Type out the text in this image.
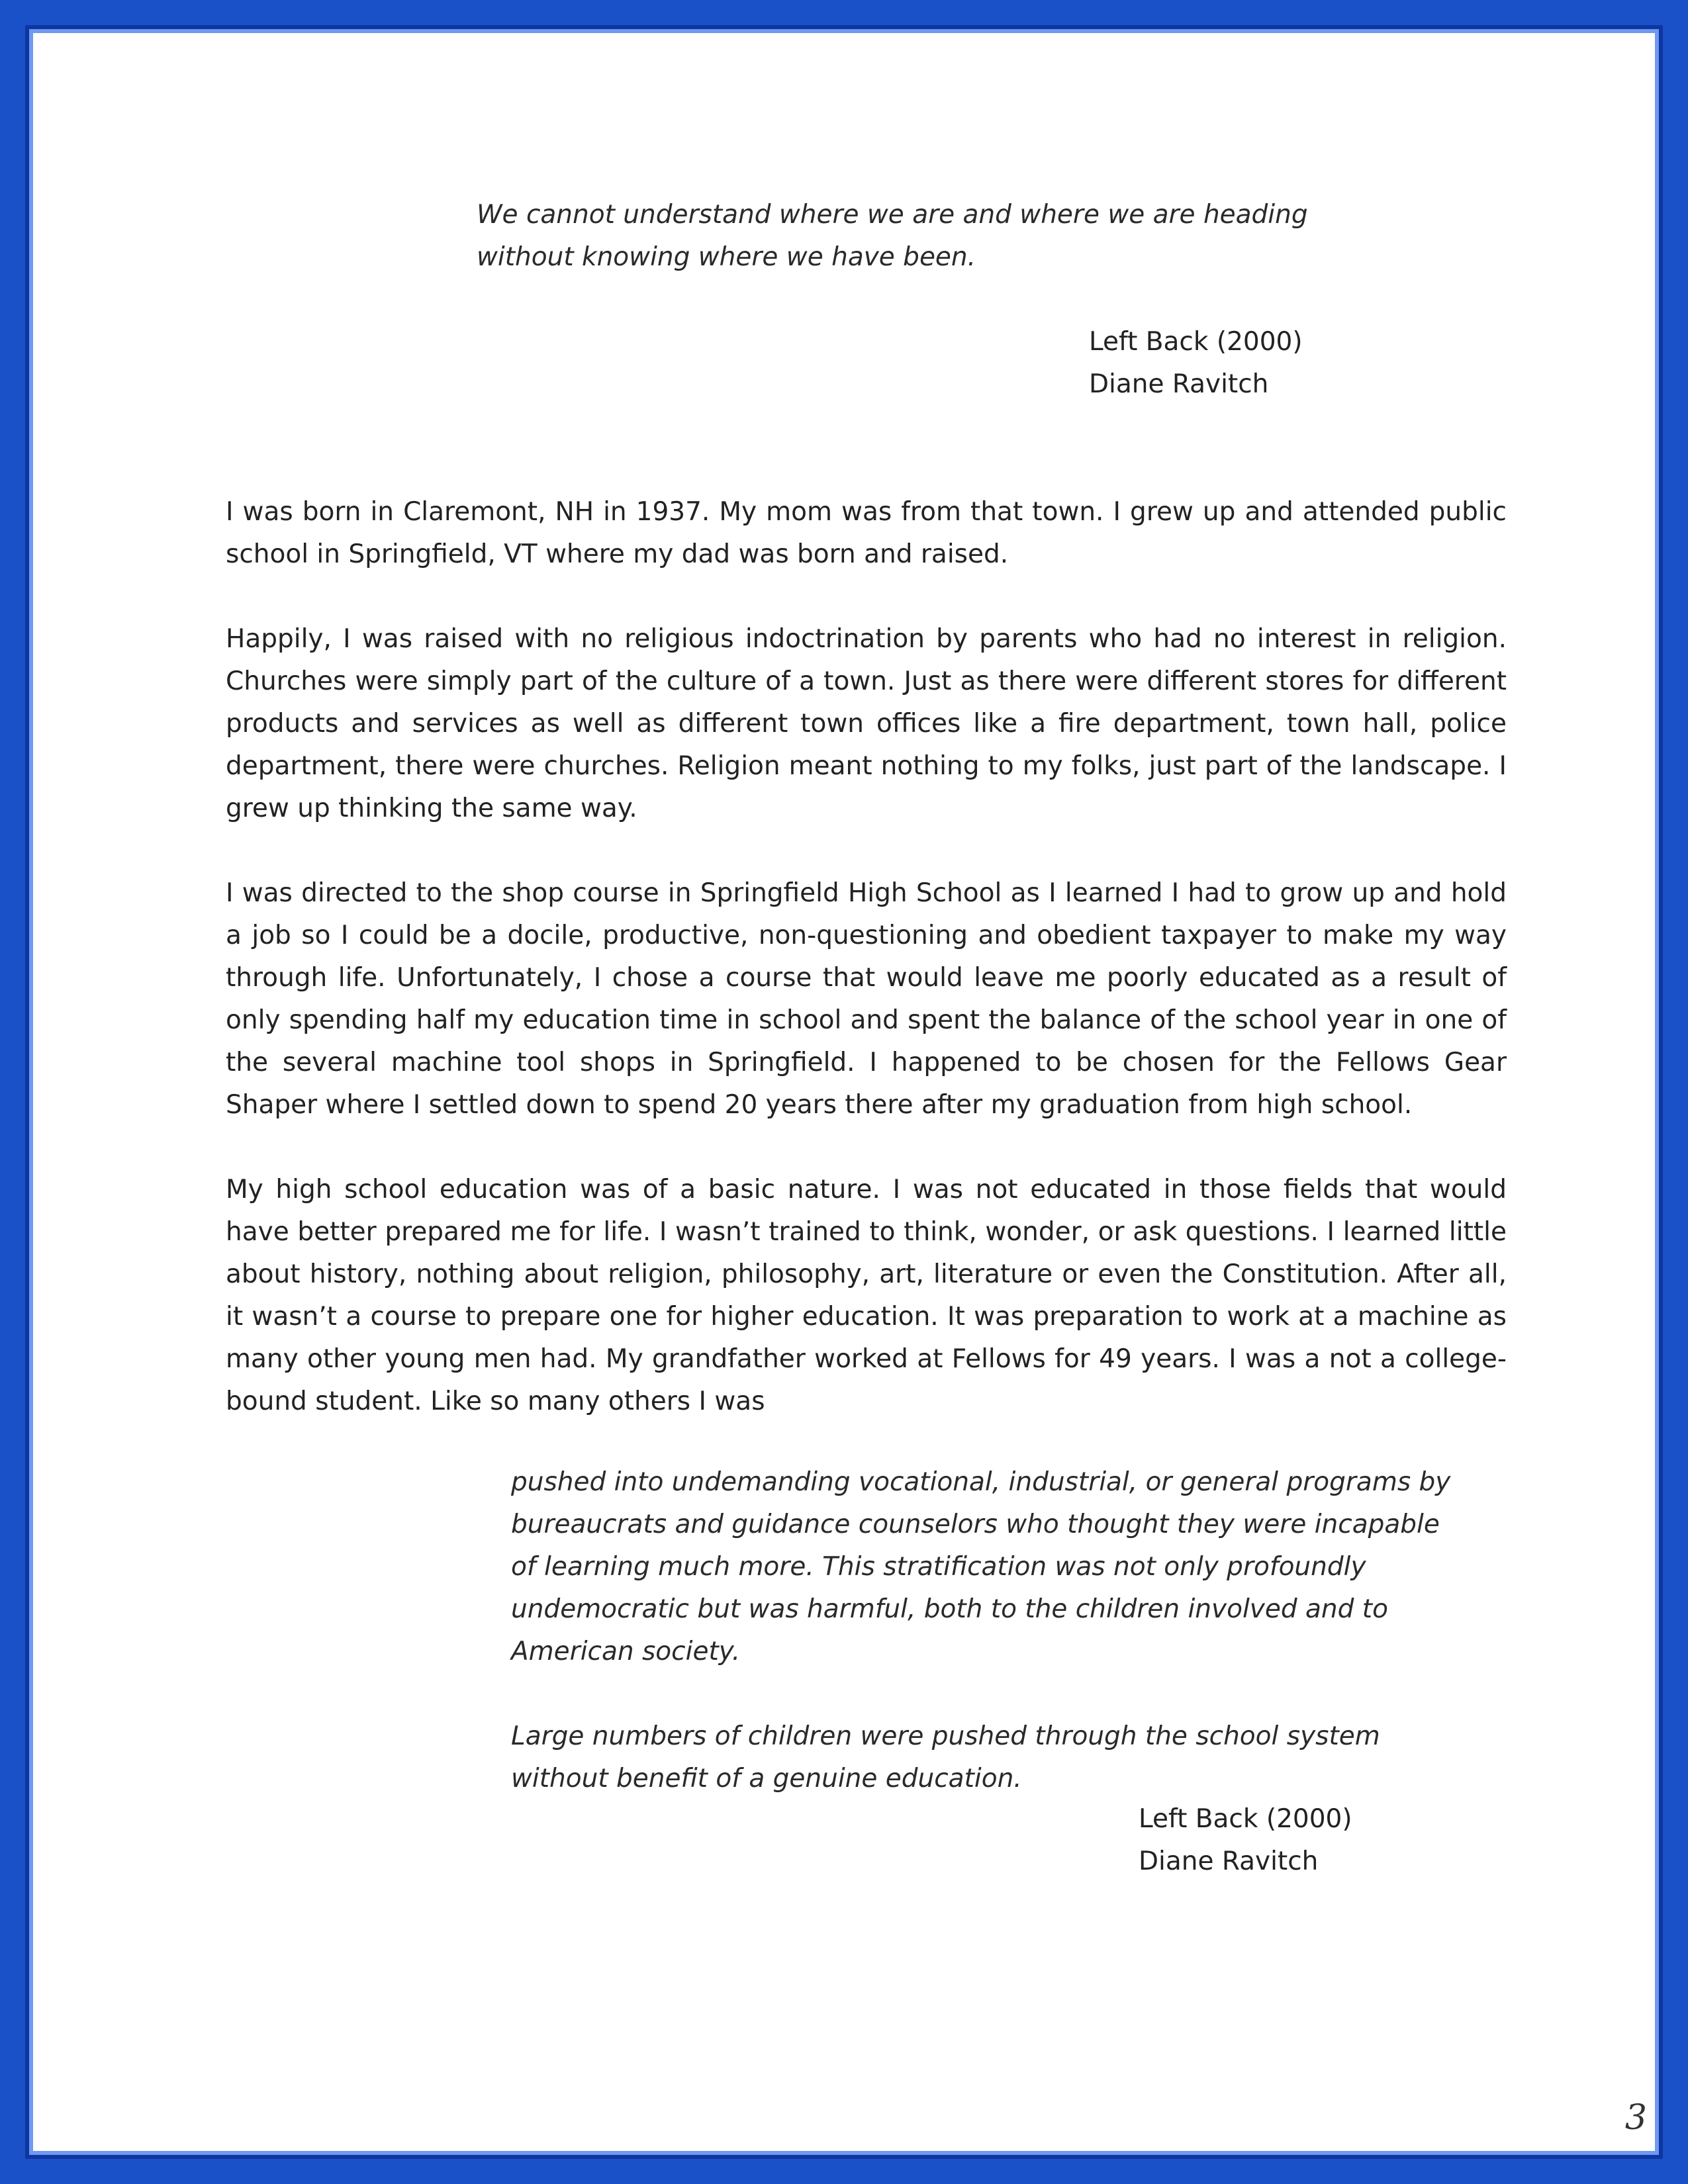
We cannot understand where we are and where we are heading without knowing where we have been.

Left Back (2000)
Diane Ravitch

I was born in Claremont, NH in 1937. My mom was from that town. I grew up and attended public school in Springfield, VT where my dad was born and raised.

Happily, I was raised with no religious indoctrination by parents who had no interest in religion. Churches were simply part of the culture of a town. Just as there were different stores for different products and services as well as different town offices like a fire department, town hall, police department, there were churches. Religion meant nothing to my folks, just part of the landscape. I grew up thinking the same way.

I was directed to the shop course in Springfield High School as I learned I had to grow up and hold a job so I could be a docile, productive, non-questioning and obedient taxpayer to make my way through life. Unfortunately, I chose a course that would leave me poorly educated as a result of only spending half my education time in school and spent the balance of the school year in one of the several machine tool shops in Springfield. I happened to be chosen for the Fellows Gear Shaper where I settled down to spend 20 years there after my graduation from high school.

My high school education was of a basic nature. I was not educated in those fields that would have better prepared me for life. I wasn’t trained to think, wonder, or ask questions. I learned little about history, nothing about religion, philosophy, art, literature or even the Constitution. After all, it wasn’t a course to prepare one for higher education. It was preparation to work at a machine as many other young men had. My grandfather worked at Fellows for 49 years. I was a not a college-bound student. Like so many others I was

pushed into undemanding vocational, industrial, or general programs by bureaucrats and guidance counselors who thought they were incapable of learning much more. This stratification was not only profoundly undemocratic but was harmful, both to the children involved and to American society.

Large numbers of children were pushed through the school system without benefit of a genuine education.

Left Back (2000)
Diane Ravitch
3
